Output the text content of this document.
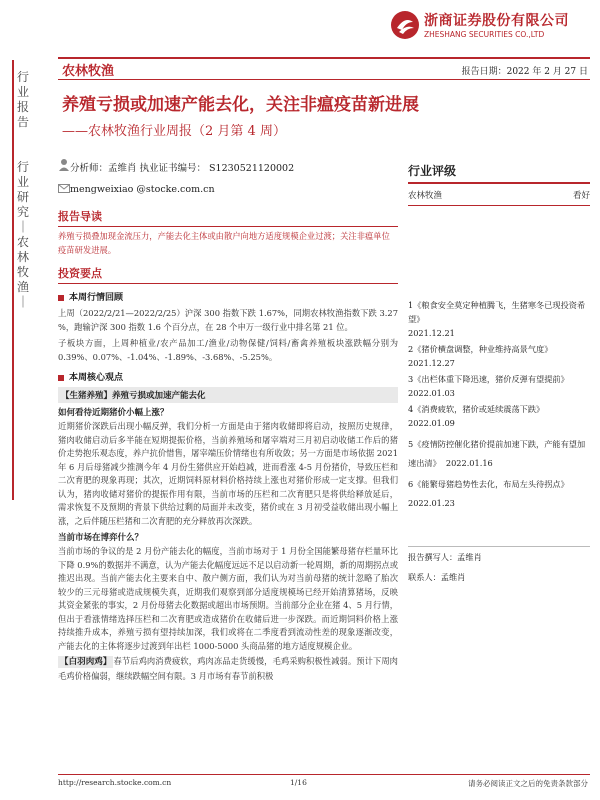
浙商证券股份有限公司
ZHESHANG SECURITIES CO.,LTD
行业报告
行业研究｜农林牧渔｜
农林牧渔	报告日期：2022 年 2 月 27 日
养殖亏损或加速产能去化，关注非瘟疫苗新进展
——农林牧渔行业周报（2 月第 4 周）
分析师：孟维肖 执业证书编号： S1230521120002
mengweixiao @stocke.com.cn
报告导读
养殖亏损叠加现金流压力，产能去化主体或由散户向地方适度规模企业过渡；关注非瘟单位疫苗研发进展。
投资要点
本周行情回顾
上周（2022/2/21—2022/2/25）沪深 300 指数下跌 1.67%，同期农林牧渔指数下跌 3.27 %，跑输沪深 300 指数 1.6 个百分点，在 28 个申万一级行业中排名第 21 位。
子板块方面，上周种植业/农产品加工/渔业/动物保健/饲料/畜禽养殖板块涨跌幅分别为 0.39%、0.07%、-1.04%、-1.89%、-3.68%、-5.25%。
本周核心观点
【生猪养殖】养殖亏损或加速产能去化
如何看待近期猪价小幅上涨？
近期猪价深跌后出现小幅反弹，我们分析一方面是由于猪肉收储即将启动，按照历史规律，猪肉收储启动后多半能在短期提振价格，当前养殖场和屠宰端对三月初启动收储工作后的猪价走势抱乐观态度，养户抗价惜售，屠宰端压价情绪也有所收敛；另一方面是市场依据 2021 年 6 月后母猪减少推测今年 4 月份生猪供应开始趋减，进而看涨 4-5 月份猪价，导致压栏和二次育肥的现象再现；其次，近期饲料原材料价格持续上涨也对猪价形成一定支撑。但我们认为，猪肉收储对猪价的提振作用有限，当前市场的压栏和二次育肥只是将供给释放延后，需求恢复不及预期的背景下供给过剩的局面并未改变，猪价或在 3 月初受益收储出现小幅上涨，之后伴随压栏猪和二次育肥的充分释放再次深跌。
当前市场在博弈什么？
当前市场的争议的是 2 月份产能去化的幅度，当前市场对于 1 月份全国能繁母猪存栏量环比下降 0.9%的数据并不满意，认为产能去化幅度远远不足以启动新一轮周期，新的周期拐点或推迟出现。当前产能去化主要来自中、散户侧方面，我们认为对当前母猪的统计忽略了胎次较少的三元母猪或造成规模失真，近期我们观察到部分适度规模场已经开始清算猪场，反映其资金紧张的事实，2 月份母猪去化数据或超出市场预期。当前部分企业在猪 4、5 月行情，但出于看涨情绪选择压栏和二次育肥或造成猪价在收储后进一步深跌。而近期饲料价格上涨持续推升成本，养殖亏损有望持续加深，我们或将在二季度看到流动性差的现象逐渐改变，产能去化的主体将逐步过渡到年出栏 1000-5000 头商品猪的地方适度规模企业。
【白羽肉鸡】 春节后鸡肉消费疲软，鸡肉冻品走货缓慢，毛鸡采购积极性减弱。预计下周肉毛鸡价格偏弱，继续跌幅空间有限。3 月市场有春节前积极
行业评级
农林牧渔	看好
1《粮食安全莫定种植腾飞，生猪寒冬已现投资希望》
2021.12.21
2《猪价横盘调整，种业维持高景气度》
2021.12.27
3《出栏体重下降迅速，猪价反弹有望提前》
2022.01.03
4《消费疲软，猪价或延续震荡下跌》
2022.01.09
5《疫情防控催化猪价提前加速下跌，产能有望加速出清》 2022.01.16
6《能繁母猪趋势性去化，布局左头待拐点》 2022.01.23
报告撰写人：孟维肖
联系人：孟维肖
http://research.stocke.com.cn	1/16	请务必阅读正文之后的免责条款部分
